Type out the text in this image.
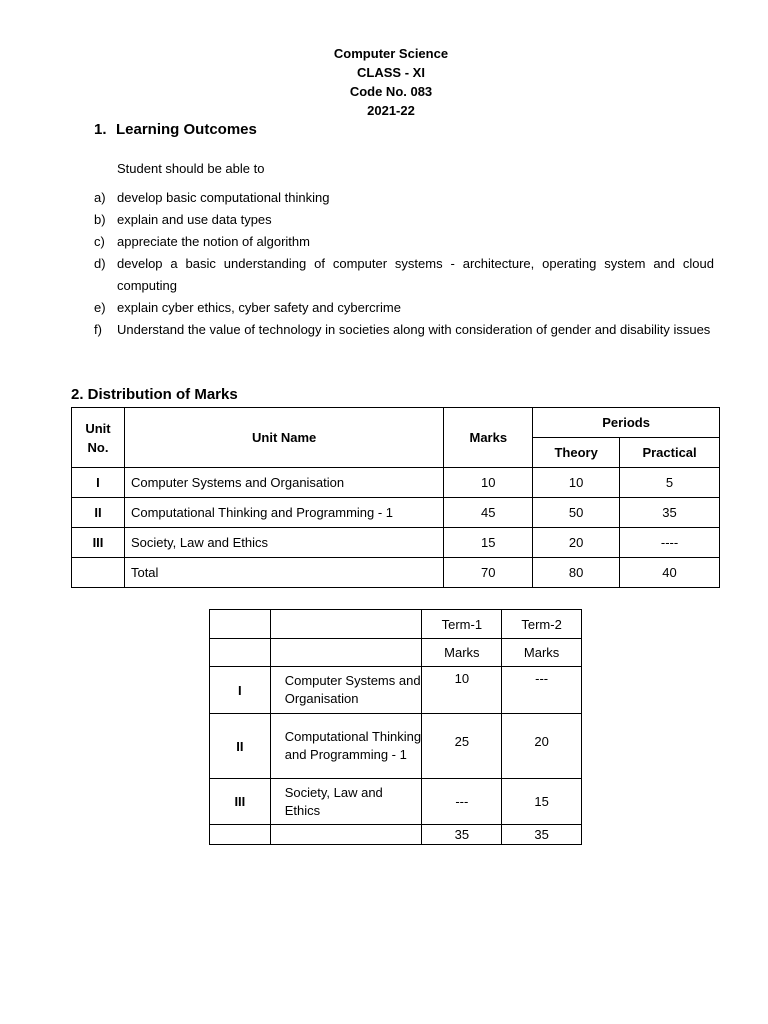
Computer Science
CLASS - XI
Code No. 083
2021-22
1. Learning Outcomes
Student should be able to
a) develop basic computational thinking
b) explain and use data types
c) appreciate the notion of algorithm
d) develop a basic understanding of computer systems - architecture, operating system and cloud computing
e) explain cyber ethics, cyber safety and cybercrime
f)	Understand the value of technology in societies along with consideration of gender and disability issues
2. Distribution of Marks
Unit No.	Unit Name	Marks	Periods	
			Theory	Practical
I	Computer Systems and Organisation	10	10	5
II	Computational Thinking and Programming - 1	45	50	35
III	Society, Law and Ethics	15	20	----
	Total	70	80	40
		Term-1	Term-2
		Marks	Marks
I	Computer Systems and Organisation	10	---
II	Computational Thinking and Programming - 1	25	20
III	Society, Law and Ethics	---	15
		35	35
